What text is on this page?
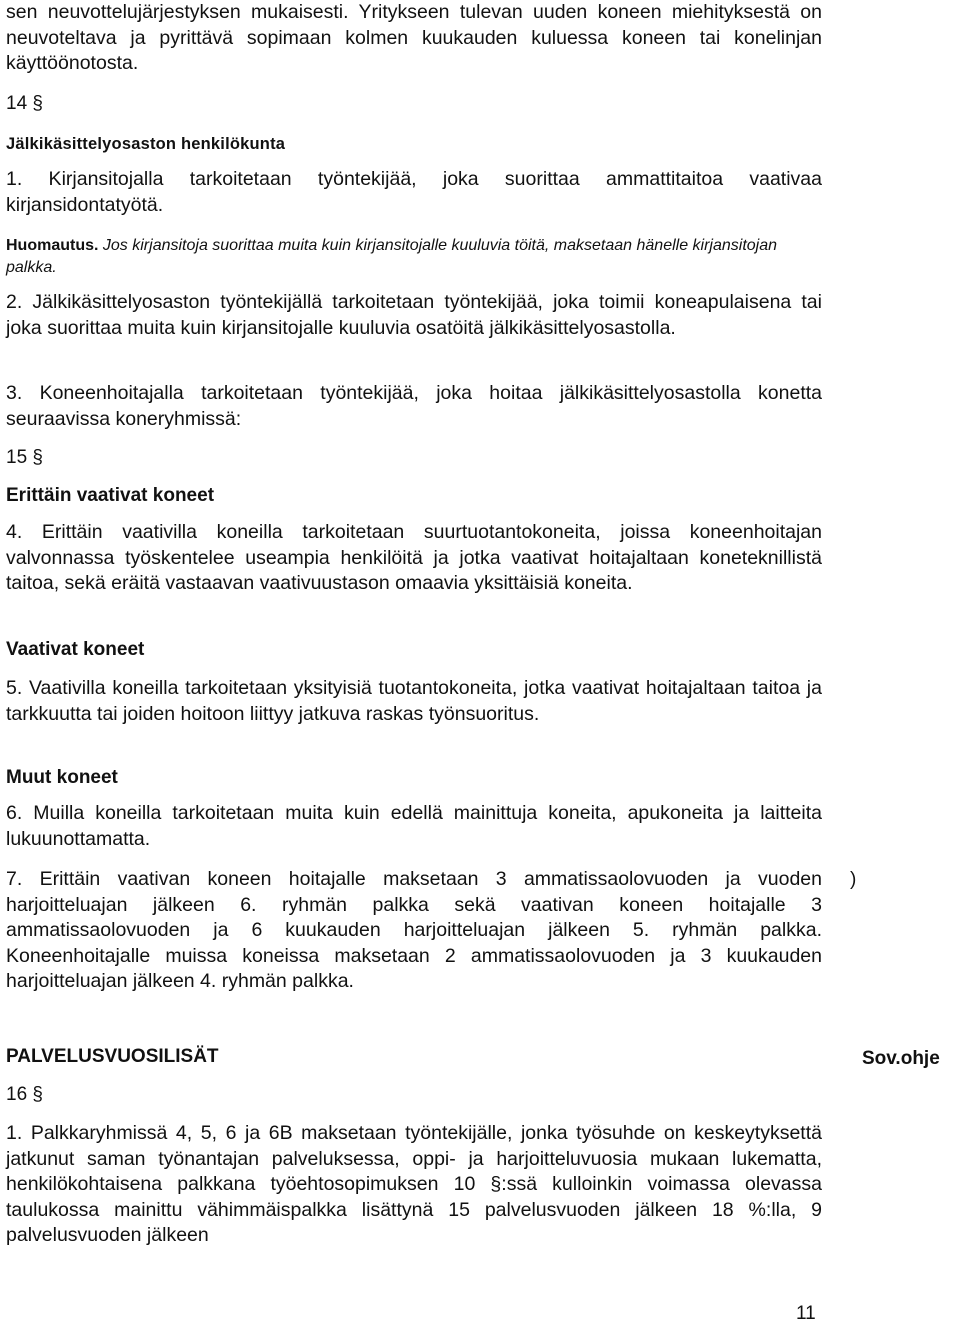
sen neuvottelujärjestyksen mukaisesti. Yritykseen tulevan uuden koneen miehityksestä on neuvoteltava ja pyrittävä sopimaan kolmen kuukauden kuluessa koneen tai konelinjan käyttöönotosta.

14 §

Jälkikäsittelyosaston henkilökunta

1. Kirjansitojalla tarkoitetaan työntekijää, joka suorittaa ammattitaitoa vaativaa kirjansidontatyötä.

Huomautus. Jos kirjansitoja suorittaa muita kuin kirjansitojalle kuuluvia töitä, maksetaan hänelle kirjansitojan palkka.

2. Jälkikäsittelyosaston työntekijällä tarkoitetaan työntekijää, joka toimii koneapulaisena tai joka suorittaa muita kuin kirjansitojalle kuuluvia osatöitä jälkikäsittelyosastolla.

3. Koneenhoitajalla tarkoitetaan työntekijää, joka hoitaa jälkikäsittelyosastolla konetta seuraavissa koneryhmissä:

15 §

Erittäin vaativat koneet

4. Erittäin vaativilla koneilla tarkoitetaan suurtuotantokoneita, joissa koneenhoitajan valvonnassa työskentelee useampia henkilöitä ja jotka vaativat hoitajaltaan koneteknillistä taitoa, sekä eräitä vastaavan vaativuustason omaavia yksittäisiä koneita.

Vaativat koneet

5. Vaativilla koneilla tarkoitetaan yksityisiä tuotantokoneita, jotka vaativat hoitajaltaan taitoa ja tarkkuutta tai joiden hoitoon liittyy jatkuva raskas työnsuoritus.

Muut koneet

6. Muilla koneilla tarkoitetaan muita kuin edellä mainittuja koneita, apukoneita ja laitteita lukuunottamatta.

7. Erittäin vaativan koneen hoitajalle maksetaan 3 ammatissaolovuoden ja vuoden harjoitteluajan jälkeen 6. ryhmän palkka sekä vaativan koneen hoitajalle 3 ammatissaolovuoden ja 6 kuukauden harjoitteluajan jälkeen 5. ryhmän palkka. Koneenhoitajalle muissa koneissa maksetaan 2 ammatissaolovuoden ja 3 kuukauden harjoitteluajan jälkeen 4. ryhmän palkka.

)

PALVELUSVUOSILISÄT	Sov.ohje

16 §

1. Palkkaryhmissä 4, 5, 6 ja 6B maksetaan työntekijälle, jonka työsuhde on keskeytyksettä jatkunut saman työnantajan palveluksessa, oppi- ja harjoitteluvuosia mukaan lukematta, henkilökohtaisena palkkana työehtosopimuksen 10 §:ssä kulloinkin voimassa olevassa taulukossa mainittu vähimmäispalkka lisättynä 15 palvelusvuoden jälkeen 18 %:lla, 9 palvelusvuoden jälkeen

11
